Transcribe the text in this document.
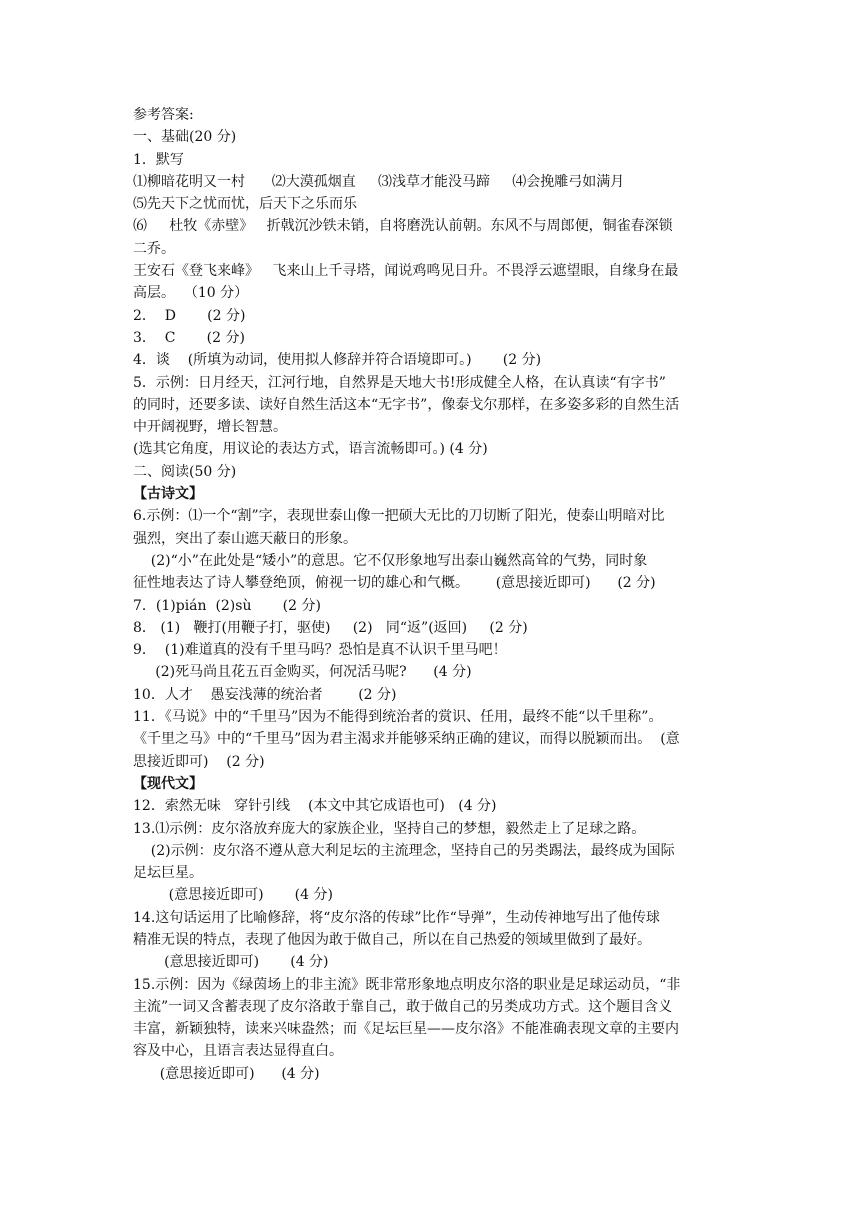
参考答案:
一、基础(20 分)
1．默写
⑴柳暗花明又一村      ⑵大漠孤烟直     ⑶浅草才能没马蹄     ⑷会挽雕弓如满月
⑸先天下之忧而忧，后天下之乐而乐
⑹     杜牧《赤壁》   折戟沉沙铁未销，自将磨洗认前朝。东风不与周郎便，铜雀春深锁
二乔。
王安石《登飞来峰》   飞来山上千寻塔，闻说鸡鸣见日升。不畏浮云遮望眼，自缘身在最
高层。  （10 分）
2．  D       (2 分)
3．  C       (2 分)
4．谈    (所填为动词，使用拟人修辞并符合语境即可。)       (2 分)
5．示例：日月经天，江河行地，自然界是天地大书!形成健全人格，在认真读“有字书”
的同时，还要多读、读好自然生活这本“无字书”，像泰戈尔那样，在多姿多彩的自然生活
中开阔视野，增长智慧。
(选其它角度，用议论的表达方式，语言流畅即可。) (4 分)
二、阅读(50 分)
【古诗文】
6.示例：⑴一个“割”字，表现世泰山像一把硕大无比的刀切断了阳光，使泰山明暗对比
强烈，突出了泰山遮天蔽日的形象。
(2)“小”在此处是“矮小”的意思。它不仅形象地写出泰山巍然高耸的气势，同时象
征性地表达了诗人攀登绝顶，俯视一切的雄心和气概。      (意思接近即可)      (2 分)
7．(1)pián  (2)sù       (2 分)
8． (1)   鞭打(用鞭子打，驱使)     (2)   同“返”(返回)     (2 分)
9．  (1)难道真的没有千里马吗？恐怕是真不认识千里马吧！
(2)死马尚且花五百金购买，何况活马呢?      (4 分)
10．人才    愚妄浅薄的统治者        (2 分)
11．《马说》中的“千里马”因为不能得到统治者的赏识、任用，最终不能“以千里称”。
《千里之马》中的“千里马”因为君主渴求并能够采纳正确的建议，而得以脱颖而出。  (意
思接近即可)    (2 分)
【现代文】
12．索然无味   穿针引线    (本文中其它成语也可)   (4 分)
13.⑴示例：皮尔洛放弃庞大的家族企业，坚持自己的梦想，毅然走上了足球之路。
(2)示例：皮尔洛不遵从意大利足坛的主流理念，坚持自己的另类踢法，最终成为国际
足坛巨星。
(意思接近即可)       (4 分)
14.这句话运用了比喻修辞，将“皮尔洛的传球”比作“导弹”，生动传神地写出了他传球
精准无误的特点，表现了他因为敢于做自己，所以在自己热爱的领域里做到了最好。
(意思接近即可)       (4 分)
15.示例：因为《绿茵场上的非主流》既非常形象地点明皮尔洛的职业是足球运动员，“非
主流”一词又含蓄表现了皮尔洛敢于靠自己，敢于做自己的另类成功方式。这个题目含义
丰富，新颖独特，读来兴味盎然；而《足坛巨星——皮尔洛》不能准确表现文章的主要内
容及中心，且语言表达显得直白。
(意思接近即可)      (4 分)
